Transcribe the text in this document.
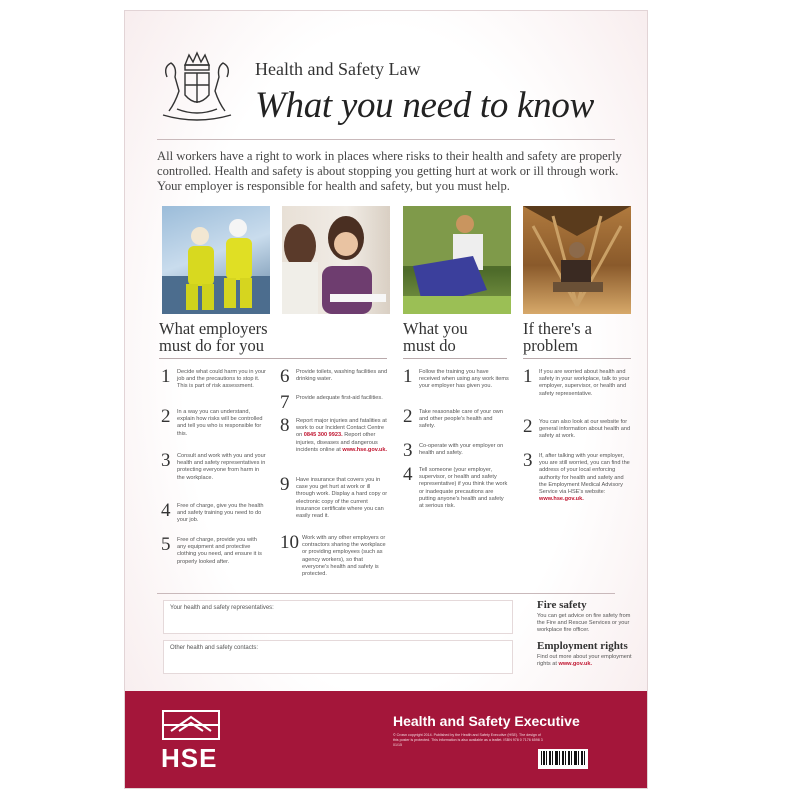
Health and Safety Law
What you need to know
All workers have a right to work in places where risks to their health and safety are properly controlled. Health and safety is about stopping you getting hurt at work or ill through work. Your employer is responsible for health and safety, but you must help.
What employers must do for you
What you must do
If there's a problem
1 Decide what could harm you in your job and the precautions to stop it. This is part of risk assessment.
2 In a way you can understand, explain how risks will be controlled and tell you who is responsible for this.
3 Consult and work with you and your health and safety representatives in protecting everyone from harm in the workplace.
4 Free of charge, give you the health and safety training you need to do your job.
5 Free of charge, provide you with any equipment and protective clothing you need, and ensure it is properly looked after.
6 Provide toilets, washing facilities and drinking water.
7 Provide adequate first-aid facilities.
8 Report major injuries and fatalities at work to our Incident Contact Centre on 0845 300 9923. Report other injuries, diseases and dangerous incidents online at www.hse.gov.uk.
9 Have insurance that covers you in case you get hurt at work or ill through work. Display a hard copy or electronic copy of the current insurance certificate where you can easily read it.
10 Work with any other employers or contractors sharing the workplace or providing employees (such as agency workers), so that everyone's health and safety is protected.
1 Follow the training you have received when using any work items your employer has given you.
2 Take reasonable care of your own and other people's health and safety.
3 Co-operate with your employer on health and safety.
4 Tell someone (your employer, supervisor, or health and safety representative) if you think the work or inadequate precautions are putting anyone's health and safety at serious risk.
1 If you are worried about health and safety in your workplace, talk to your employer, supervisor, or health and safety representative.
2 You can also look at our website for general information about health and safety at work.
3 If, after talking with your employer, you are still worried, you can find the address of your local enforcing authority for health and safety and the Employment Medical Advisory Service via HSE's website: www.hse.gov.uk.
Your health and safety representatives:
Other health and safety contacts:
Fire safety
You can get advice on fire safety from the Fire and Rescue Services or your workplace fire officer.
Employment rights
Find out more about your employment rights at www.gov.uk.
HSE
Health and Safety Executive
© Crown copyright 2014. Published by the Health and Safety Executive (HSE). The design of this poster is protected. This information is also available as a leaflet. ISBN 978 0 7176 6598 3 01/15
